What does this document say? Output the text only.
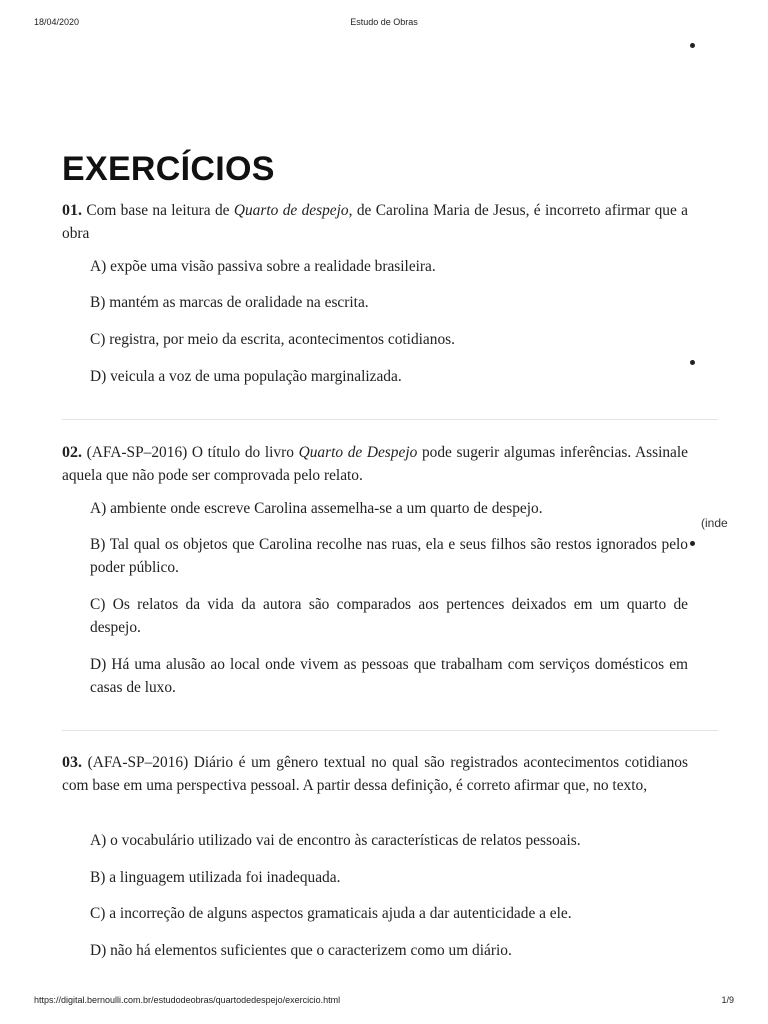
18/04/2020	Estudo de Obras
(inde
EXERCÍCIOS

01. Com base na leitura de Quarto de despejo, de Carolina Maria de Jesus, é incorreto afirmar que a obra

A) expõe uma visão passiva sobre a realidade brasileira.

B) mantém as marcas de oralidade na escrita.

C) registra, por meio da escrita, acontecimentos cotidianos.

D) veicula a voz de uma população marginalizada.

02. (AFA-SP–2016) O título do livro Quarto de Despejo pode sugerir algumas inferências. Assinale aquela que não pode ser comprovada pelo relato.

A) ambiente onde escreve Carolina assemelha-se a um quarto de despejo.

B) Tal qual os objetos que Carolina recolhe nas ruas, ela e seus filhos são restos ignorados pelo poder público.

C) Os relatos da vida da autora são comparados aos pertences deixados em um quarto de despejo.

D) Há uma alusão ao local onde vivem as pessoas que trabalham com serviços domésticos em casas de luxo.

03. (AFA-SP–2016) Diário é um gênero textual no qual são registrados acontecimentos cotidianos com base em uma perspectiva pessoal. A partir dessa definição, é correto afirmar que, no texto,

A) o vocabulário utilizado vai de encontro às características de relatos pessoais.

B) a linguagem utilizada foi inadequada.

C) a incorreção de alguns aspectos gramaticais ajuda a dar autenticidade a ele.

D) não há elementos suficientes que o caracterizem como um diário.

https://digital.bernoulli.com.br/estudodeobras/quartodedespejo/exercicio.html	1/9
